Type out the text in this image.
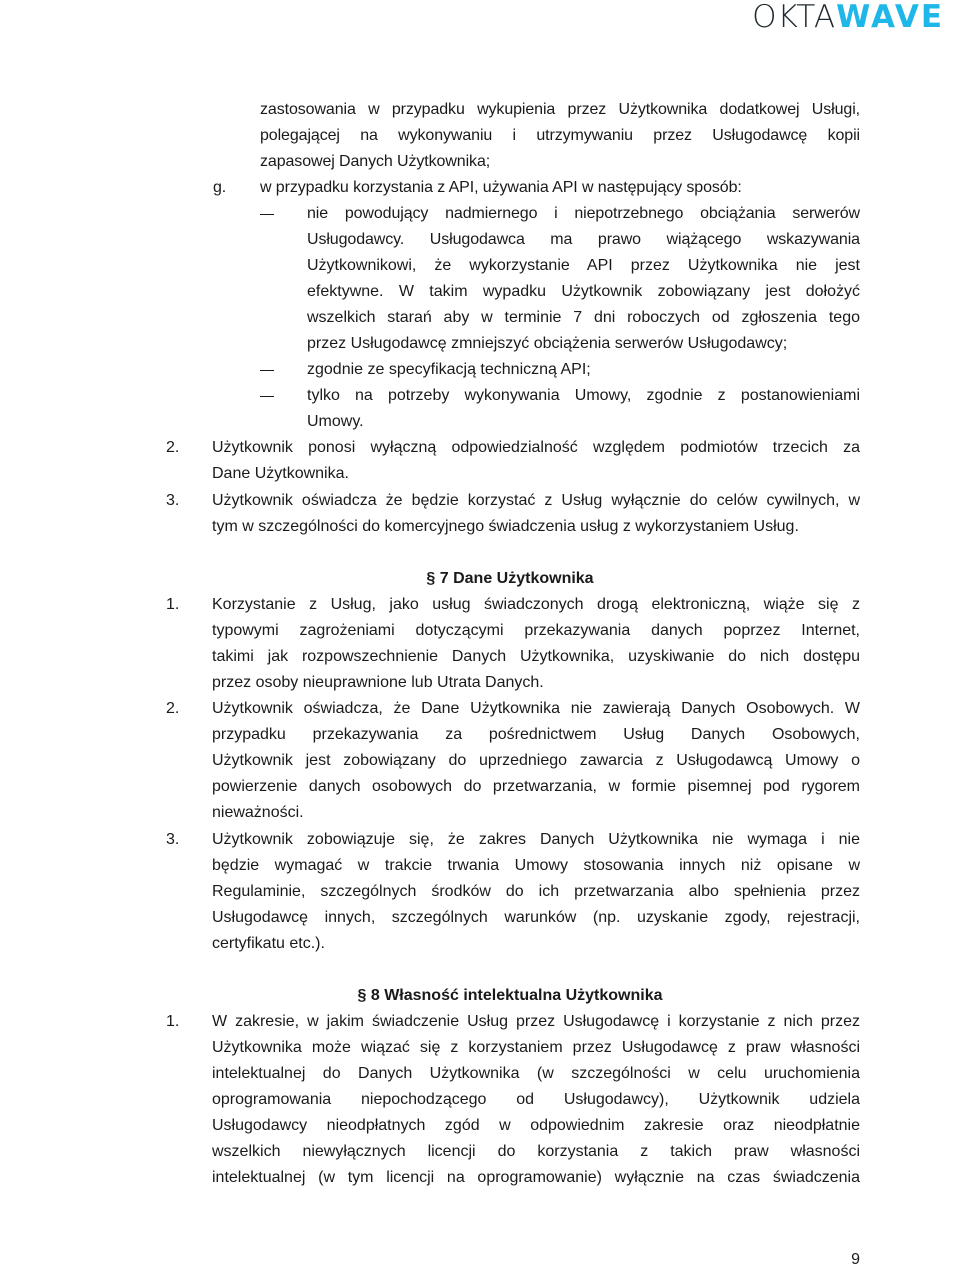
OKTAWAVE
zastosowania w przypadku wykupienia przez Użytkownika dodatkowej Usługi,
polegającej na wykonywaniu i utrzymywaniu przez Usługodawcę kopii
zapasowej Danych Użytkownika;
g. w przypadku korzystania z API, używania API w następujący sposób:
nie powodujący nadmiernego i niepotrzebnego obciążania serwerów
Usługodawcy. Usługodawca ma prawo wiążącego wskazywania
Użytkownikowi, że wykorzystanie API przez Użytkownika nie jest
efektywne. W takim wypadku Użytkownik zobowiązany jest dołożyć
wszelkich starań aby w terminie 7 dni roboczych od zgłoszenia tego
przez Usługodawcę zmniejszyć obciążenia serwerów Usługodawcy;
zgodnie ze specyfikacją techniczną API;
tylko na potrzeby wykonywania Umowy, zgodnie z postanowieniami
Umowy.
2. Użytkownik ponosi wyłączną odpowiedzialność względem podmiotów trzecich za
Dane Użytkownika.
3. Użytkownik oświadcza że będzie korzystać z Usług wyłącznie do celów cywilnych, w
tym w szczególności do komercyjnego świadczenia usług z wykorzystaniem Usług.
§ 7 Dane Użytkownika
1. Korzystanie z Usług, jako usług świadczonych drogą elektroniczną, wiąże się z
typowymi zagrożeniami dotyczącymi przekazywania danych poprzez Internet,
takimi jak rozpowszechnienie Danych Użytkownika, uzyskiwanie do nich dostępu
przez osoby nieuprawnione lub Utrata Danych.
2. Użytkownik oświadcza, że Dane Użytkownika nie zawierają Danych Osobowych. W
przypadku przekazywania za pośrednictwem Usług Danych Osobowych,
Użytkownik jest zobowiązany do uprzedniego zawarcia z Usługodawcą Umowy o
powierzenie danych osobowych do przetwarzania, w formie pisemnej pod rygorem
nieważności.
3. Użytkownik zobowiązuje się, że zakres Danych Użytkownika nie wymaga i nie
będzie wymagać w trakcie trwania Umowy stosowania innych niż opisane w
Regulaminie, szczególnych środków do ich przetwarzania albo spełnienia przez
Usługodawcę innych, szczególnych warunków (np. uzyskanie zgody, rejestracji,
certyfikatu etc.).
§ 8 Własność intelektualna Użytkownika
1. W zakresie, w jakim świadczenie Usług przez Usługodawcę i korzystanie z nich przez
Użytkownika może wiązać się z korzystaniem przez Usługodawcę z praw własności
intelektualnej do Danych Użytkownika (w szczególności w celu uruchomienia
oprogramowania niepochodzącego od Usługodawcy), Użytkownik udziela
Usługodawcy nieodpłatnych zgód w odpowiednim zakresie oraz nieodpłatnie
wszelkich niewyłącznych licencji do korzystania z takich praw własności
intelektualnej (w tym licencji na oprogramowanie) wyłącznie na czas świadczenia
9
